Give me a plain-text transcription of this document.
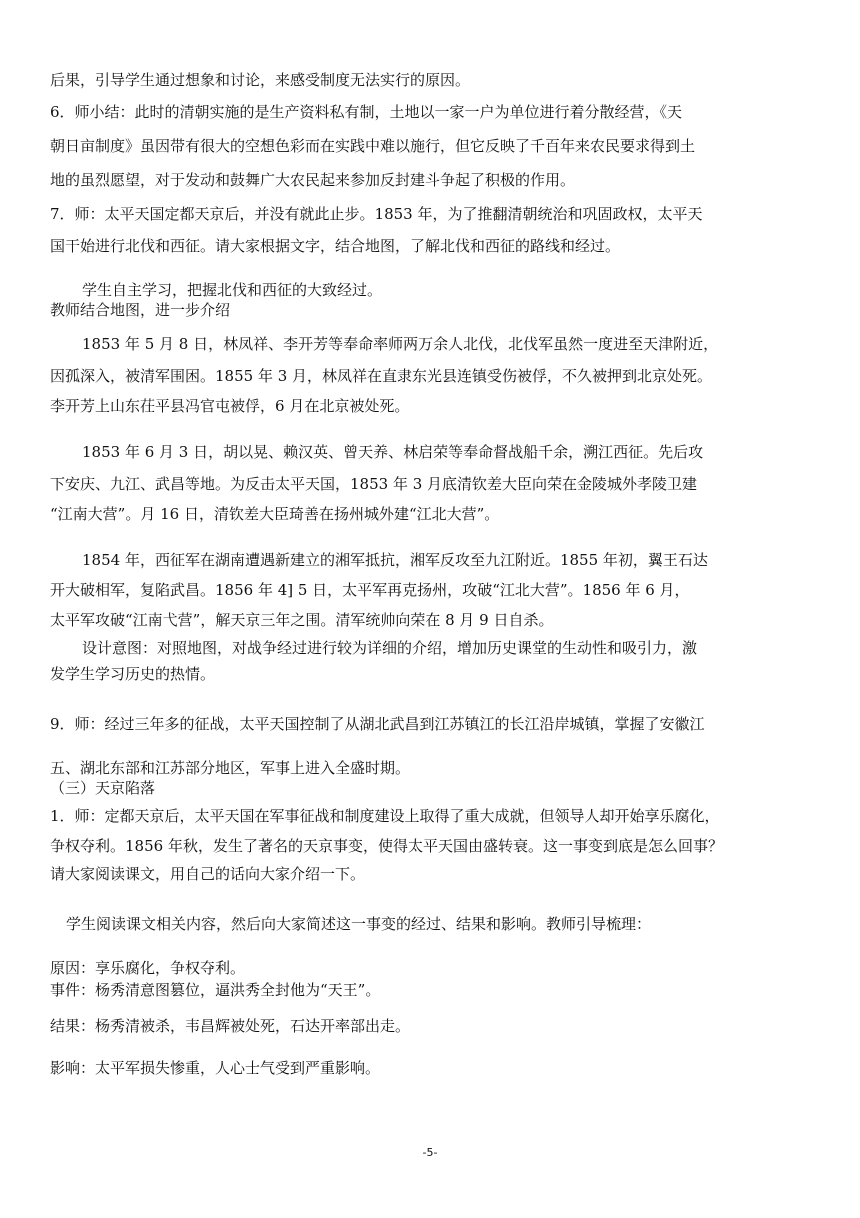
后果，引导学生通过想象和讨论，来感受制度无法实行的原因。
6．师小结：此时的清朝实施的是生产资料私有制，土地以一家一户为单位进行着分散经营，《天
朝日亩制度》虽因带有很大的空想色彩而在实践中难以施行，但它反映了千百年来农民要求得到土
地的虽烈愿望，对于发动和鼓舞广大农民起来参加反封建斗争起了积极的作用。
7．师：太平天国定都天京后，并没有就此止步。1853 年，为了推翻清朝统治和巩固政权，太平天
国干始进行北伐和西征。请大家根据文字，结合地图，了解北伐和西征的路线和经过。
学生自主学习，把握北伐和西征的大致经过。
教师结合地图，进一步介绍
1853 年 5 月 8 日，林凤祥、李开芳等奉命率师两万余人北伐，北伐军虽然一度进至天津附近，
因孤深入，被清军围困。1855 年 3 月，林凤祥在直隶东光县连镇受伤被俘，不久被押到北京处死。
李开芳上山东茌平县冯官屯被俘，6 月在北京被处死。
1853 年 6 月 3 日，胡以晃、赖汉英、曾天养、林启荣等奉命督战船千余，溯江西征。先后攻
下安庆、九江、武昌等地。为反击太平天国，1853 年 3 月底清钦差大臣向荣在金陵城外孝陵卫建
“江南大营”。月 16 日，清钦差大臣琦善在扬州城外建“江北大营”。
1854 年，西征军在湖南遭遇新建立的湘军抵抗，湘军反攻至九江附近。1855 年初，翼王石达
开大破相军，复陷武昌。1856 年 4] 5 日，太平军再克扬州，攻破“江北大营”。1856 年 6 月，
太平军攻破“江南弋营”，解天京三年之围。清军统帅向荣在 8 月 9 日自杀。
设计意图：对照地图，对战争经过进行较为详细的介绍，增加历史课堂的生动性和吸引力，激
发学生学习历史的热情。
9．师：经过三年多的征战，太平天国控制了从湖北武昌到江苏镇江的长江沿岸城镇，掌握了安徽江
五、湖北东部和江苏部分地区，军事上进入全盛时期。
（三）天京陷落
1．师：定都天京后，太平天国在军事征战和制度建设上取得了重大成就，但领导人却开始享乐腐化，
争权夺利。1856 年秋，发生了著名的天京事变，使得太平天国由盛转衰。这一事变到底是怎么回事？
请大家阅读课文，用自己的话向大家介绍一下。
学生阅读课文相关内容，然后向大家简述这一事变的经过、结果和影响。教师引导梳理：
原因：享乐腐化，争权夺利。
事件：杨秀清意图篡位，逼洪秀全封他为“天王”。
结果：杨秀清被杀，韦昌辉被处死，石达开率部出走。
影响：太平军损失惨重，人心士气受到严重影响。
-5-
